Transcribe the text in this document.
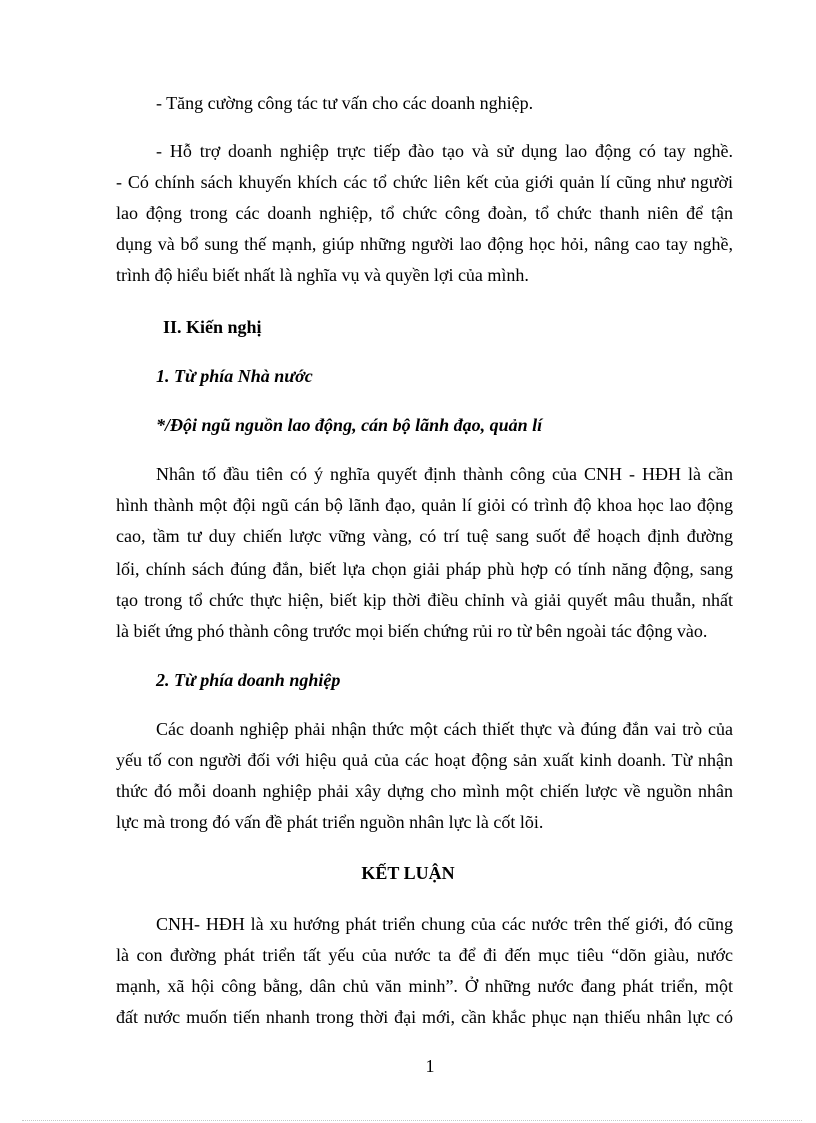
- Tăng cường công tác tư vấn cho các doanh nghiệp.
- Hỗ trợ doanh nghiệp trực tiếp đào tạo và sử dụng lao động có tay nghề.
- Có chính sách khuyến khích các tổ chức liên kết của giới quản lí cũng như người
lao động trong các doanh nghiệp, tổ chức công đoàn, tổ chức thanh niên để tận
dụng và bổ sung thế mạnh, giúp những người lao động học hỏi, nâng cao tay nghề,
trình độ hiểu biết nhất là nghĩa vụ và quyền lợi của mình.
II. Kiến nghị
1. Từ phía Nhà nước
*/Đội ngũ nguồn lao động, cán bộ lãnh đạo, quản lí
Nhân tố đầu tiên có ý nghĩa quyết định thành công của CNH - HĐH là cần
hình thành một đội ngũ cán bộ lãnh đạo, quản lí giỏi có trình độ khoa học lao động
cao, tầm tư duy chiến lược vững vàng, có trí tuệ sang suốt để hoạch định đường
lối, chính sách đúng đắn, biết lựa chọn giải pháp phù hợp có tính năng động, sang
tạo trong tổ chức thực hiện, biết kịp thời điều chỉnh và giải quyết mâu thuẫn, nhất
là biết ứng phó thành công trước mọi biến chứng rủi ro từ bên ngoài tác động vào.
2. Từ phía doanh nghiệp
Các doanh nghiệp phải nhận thức một cách thiết thực và đúng đắn vai trò của
yếu tố con người đối với hiệu quả của các hoạt động sản xuất kinh doanh. Từ nhận
thức đó mỗi doanh nghiệp phải xây dựng cho mình một chiến lược về nguồn nhân
lực mà trong đó vấn đề phát triển nguồn nhân lực là cốt lõi.
KẾT LUẬN
CNH- HĐH là xu hướng phát triển chung của các nước trên thế giới, đó cũng
là con đường phát triển tất yếu của nước ta để đi đến mục tiêu “dõn giàu, nước
mạnh, xã hội công bằng, dân chủ văn minh”. Ở những nước đang phát triển, một
đất nước muốn tiến nhanh trong thời đại mới, cần khắc phục nạn thiếu nhân lực có
1
